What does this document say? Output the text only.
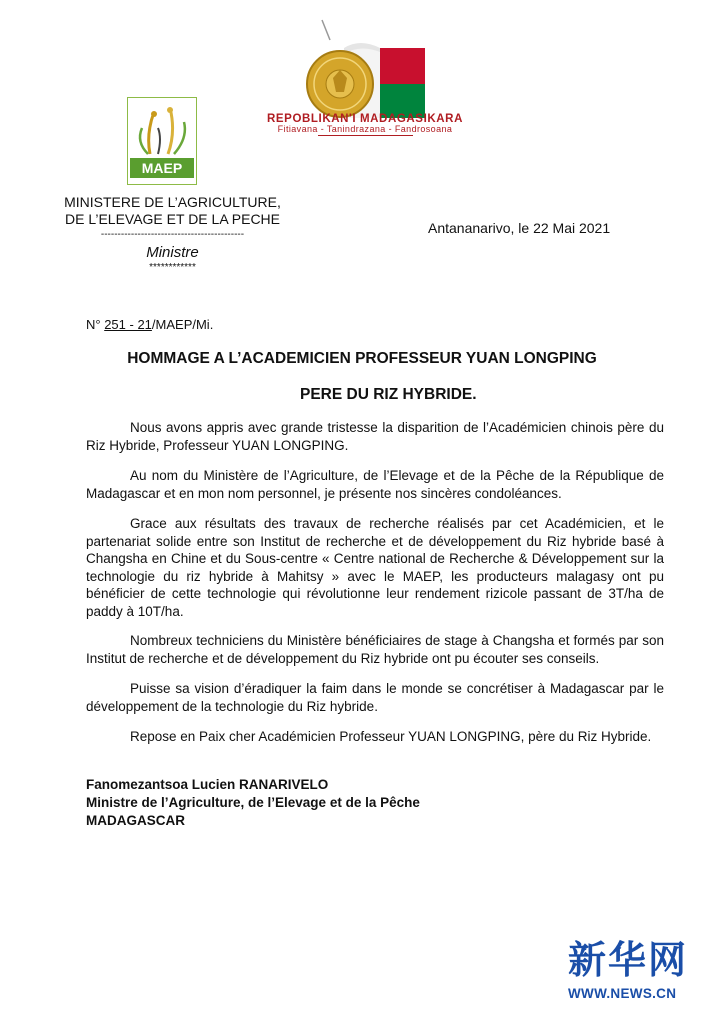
REPOBLIKAN'I MADAGASIKARA
Fitiavana - Tanindrazana - Fandrosoana
MAEP
MINISTERE DE L’AGRICULTURE,
DE L’ELEVAGE ET DE LA PECHE
-------------------------------------------
Ministre
************
Antananarivo, le 22 Mai 2021
N° 251 - 21/MAEP/Mi.
HOMMAGE A L’ACADEMICIEN PROFESSEUR YUAN LONGPING
PERE DU RIZ HYBRIDE.
Nous avons appris avec grande tristesse la disparition de l’Académicien chinois père du Riz Hybride, Professeur YUAN LONGPING.
Au nom du Ministère de l’Agriculture, de l’Elevage et de la Pêche de la République de Madagascar et en mon nom personnel, je présente nos sincères condoléances.
Grace aux résultats des travaux de recherche réalisés par cet Académicien, et le partenariat solide entre son Institut de recherche et de développement du Riz hybride basé à Changsha en Chine et du Sous-centre « Centre national de Recherche & Développement sur la technologie du riz hybride à Mahitsy » avec le MAEP, les producteurs malagasy ont pu bénéficier de cette technologie qui révolutionne leur rendement rizicole passant de 3T/ha de paddy à 10T/ha.
Nombreux techniciens du Ministère bénéficiaires de stage à Changsha et formés par son Institut de recherche et de développement du Riz hybride ont pu écouter ses conseils.
Puisse sa vision d’éradiquer la faim dans le monde se concrétiser à Madagascar par le développement de la technologie du Riz hybride.
Repose en Paix cher Académicien Professeur YUAN LONGPING, père du Riz Hybride.
Fanomezantsoa Lucien RANARIVELO
Ministre de l’Agriculture, de l’Elevage et de la Pêche
MADAGASCAR
新华网
WWW.NEWS.CN
